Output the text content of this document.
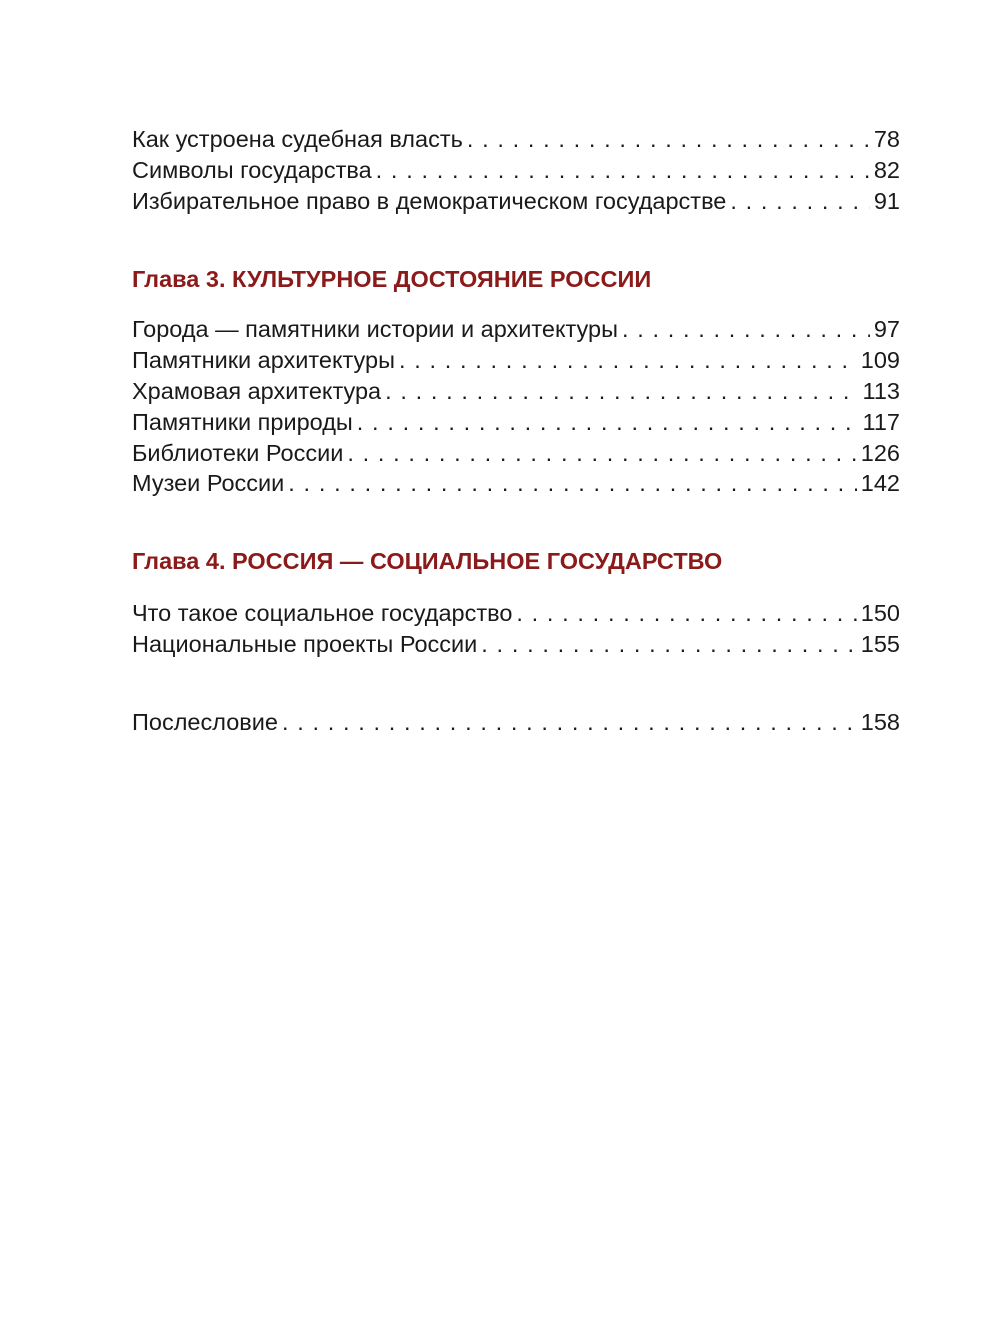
Как устроена судебная власть . . .	78
Символы государства . . .	82
Избирательное право в демократическом государстве . . .	91
Глава 3. КУЛЬТУРНОЕ ДОСТОЯНИЕ РОССИИ
Города — памятники истории и архитектуры . . .	97
Памятники архитектуры . . .	109
Храмовая архитектура . . .	113
Памятники природы . . .	117
Библиотеки России . . .	126
Музеи России . . .	142
Глава 4. РОССИЯ — СОЦИАЛЬНОЕ ГОСУДАРСТВО
Что такое социальное государство . . .	150
Национальные проекты России . . .	155
Послесловие . . .	158
